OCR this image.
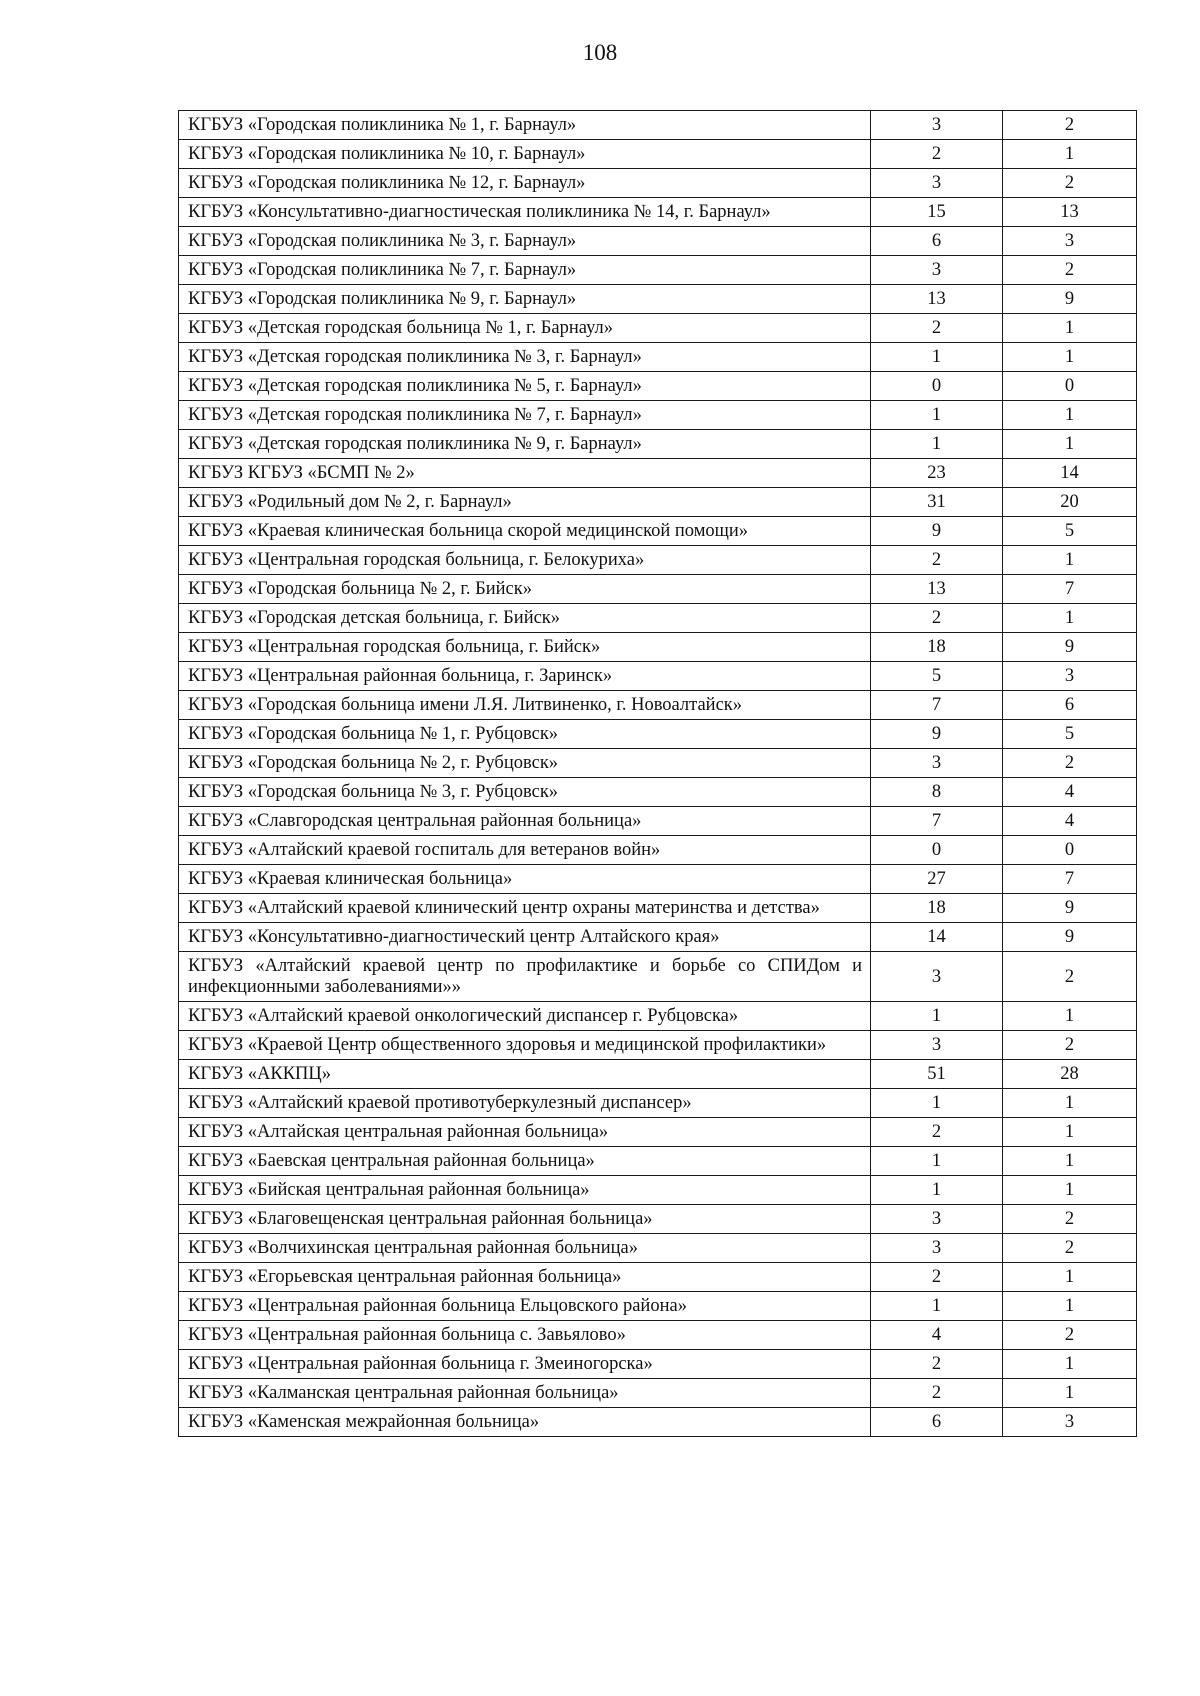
108
КГБУЗ «Городская поликлиника № 1, г. Барнаул»	3	2
КГБУЗ «Городская поликлиника № 10, г. Барнаул»	2	1
КГБУЗ «Городская поликлиника № 12, г. Барнаул»	3	2
КГБУЗ «Консультативно-диагностическая поликлиника № 14, г. Барнаул»	15	13
КГБУЗ «Городская поликлиника № 3, г. Барнаул»	6	3
КГБУЗ «Городская поликлиника № 7, г. Барнаул»	3	2
КГБУЗ «Городская поликлиника № 9, г. Барнаул»	13	9
КГБУЗ «Детская городская больница № 1, г. Барнаул»	2	1
КГБУЗ «Детская городская поликлиника № 3, г. Барнаул»	1	1
КГБУЗ «Детская городская поликлиника № 5, г. Барнаул»	0	0
КГБУЗ «Детская городская поликлиника № 7, г. Барнаул»	1	1
КГБУЗ «Детская городская поликлиника № 9, г. Барнаул»	1	1
КГБУЗ КГБУЗ «БСМП № 2»	23	14
КГБУЗ «Родильный дом № 2, г. Барнаул»	31	20
КГБУЗ «Краевая клиническая больница скорой медицинской помощи»	9	5
КГБУЗ «Центральная городская больница, г. Белокуриха»	2	1
КГБУЗ «Городская больница № 2, г. Бийск»	13	7
КГБУЗ «Городская детская больница, г. Бийск»	2	1
КГБУЗ «Центральная городская больница, г. Бийск»	18	9
КГБУЗ «Центральная районная больница, г. Заринск»	5	3
КГБУЗ «Городская больница имени Л.Я. Литвиненко, г. Новоалтайск»	7	6
КГБУЗ «Городская больница № 1, г. Рубцовск»	9	5
КГБУЗ «Городская больница № 2, г. Рубцовск»	3	2
КГБУЗ «Городская больница № 3, г. Рубцовск»	8	4
КГБУЗ «Славгородская центральная районная больница»	7	4
КГБУЗ «Алтайский краевой госпиталь для ветеранов войн»	0	0
КГБУЗ «Краевая клиническая больница»	27	7
КГБУЗ «Алтайский краевой клинический центр охраны материнства и детства»	18	9
КГБУЗ «Консультативно-диагностический центр Алтайского края»	14	9
КГБУЗ «Алтайский краевой центр по профилактике и борьбе со СПИДом и инфекционными заболеваниями»»	3	2
КГБУЗ «Алтайский краевой онкологический диспансер г. Рубцовска»	1	1
КГБУЗ «Краевой Центр общественного здоровья и медицинской профилактики»	3	2
КГБУЗ «АККПЦ»	51	28
КГБУЗ «Алтайский краевой противотуберкулезный диспансер»	1	1
КГБУЗ «Алтайская центральная районная больница»	2	1
КГБУЗ «Баевская центральная районная больница»	1	1
КГБУЗ «Бийская центральная районная больница»	1	1
КГБУЗ «Благовещенская центральная районная больница»	3	2
КГБУЗ «Волчихинская центральная районная больница»	3	2
КГБУЗ «Егорьевская центральная районная больница»	2	1
КГБУЗ «Центральная районная больница Ельцовского района»	1	1
КГБУЗ «Центральная районная больница с. Завьялово»	4	2
КГБУЗ «Центральная районная больница г. Змеиногорска»	2	1
КГБУЗ «Калманская центральная районная больница»	2	1
КГБУЗ «Каменская межрайонная больница»	6	3
